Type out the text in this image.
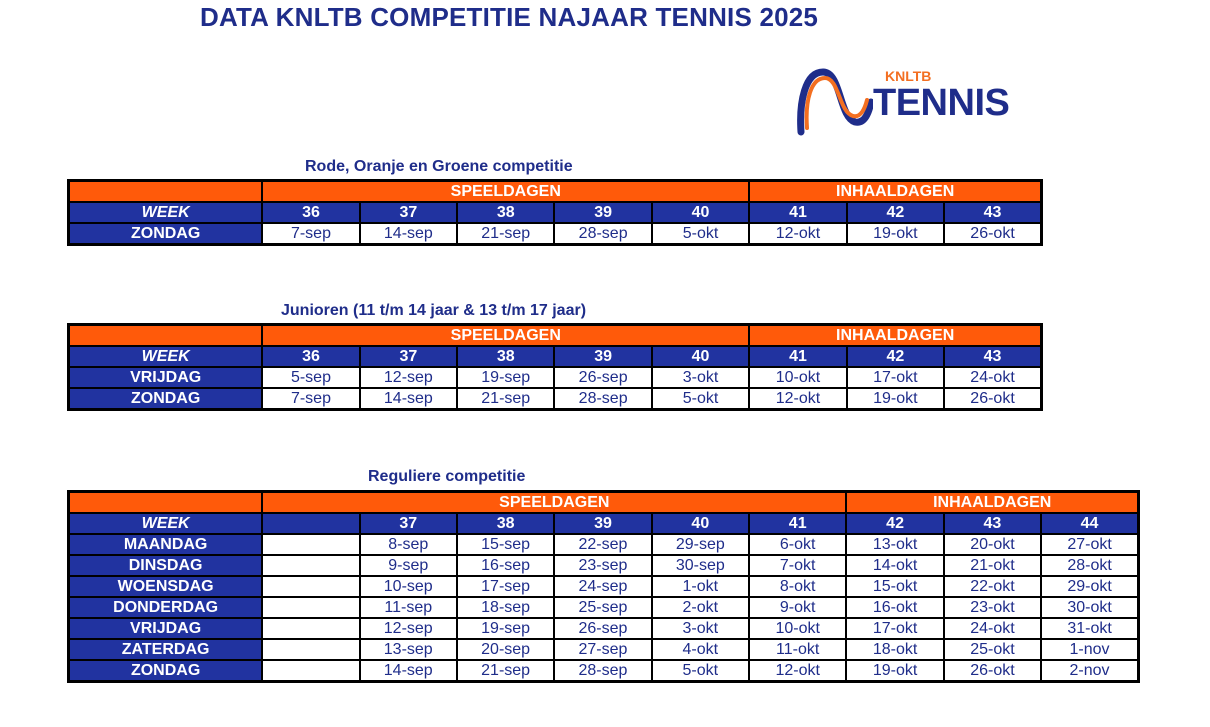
DATA KNLTB COMPETITIE NAJAAR TENNIS 2025
KNLTB
TENNIS
Rode, Oranje en Groene competitie
	SPEELDAGEN					INHAALDAGEN		
WEEK	36	37	38	39	40	41	42	43
ZONDAG	7-sep	14-sep	21-sep	28-sep	5-okt	12-okt	19-okt	26-okt
Junioren (11 t/m 14 jaar & 13 t/m 17 jaar)
	SPEELDAGEN					INHAALDAGEN		
WEEK	36	37	38	39	40	41	42	43
VRIJDAG	5-sep	12-sep	19-sep	26-sep	3-okt	10-okt	17-okt	24-okt
ZONDAG	7-sep	14-sep	21-sep	28-sep	5-okt	12-okt	19-okt	26-okt
Reguliere competitie
	SPEELDAGEN						INHAALDAGEN		
WEEK		37	38	39	40	41	42	43	44
MAANDAG		8-sep	15-sep	22-sep	29-sep	6-okt	13-okt	20-okt	27-okt
DINSDAG		9-sep	16-sep	23-sep	30-sep	7-okt	14-okt	21-okt	28-okt
WOENSDAG		10-sep	17-sep	24-sep	1-okt	8-okt	15-okt	22-okt	29-okt
DONDERDAG		11-sep	18-sep	25-sep	2-okt	9-okt	16-okt	23-okt	30-okt
VRIJDAG		12-sep	19-sep	26-sep	3-okt	10-okt	17-okt	24-okt	31-okt
ZATERDAG		13-sep	20-sep	27-sep	4-okt	11-okt	18-okt	25-okt	1-nov
ZONDAG		14-sep	21-sep	28-sep	5-okt	12-okt	19-okt	26-okt	2-nov
